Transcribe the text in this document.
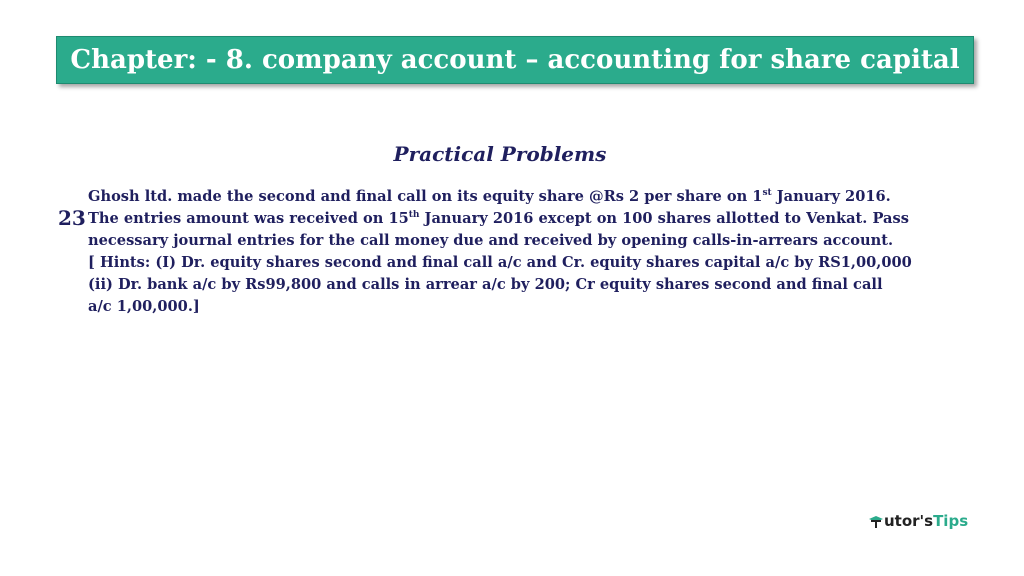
Chapter: - 8. company account – accounting for share capital
Practical Problems
23
Ghosh ltd. made the second and final call on its equity share @Rs 2 per share on 1st January 2016.
The entries amount was received on 15th January 2016 except on 100 shares allotted to Venkat. Pass
necessary journal entries for the call money due and received by opening calls-in-arrears account.
[ Hints: (I) Dr. equity shares second and final call a/c and Cr. equity shares capital a/c by RS1,00,000
(ii) Dr. bank a/c by Rs99,800 and calls in arrear a/c by 200; Cr equity shares second and final call
a/c 1,00,000.]
utor's Tips
